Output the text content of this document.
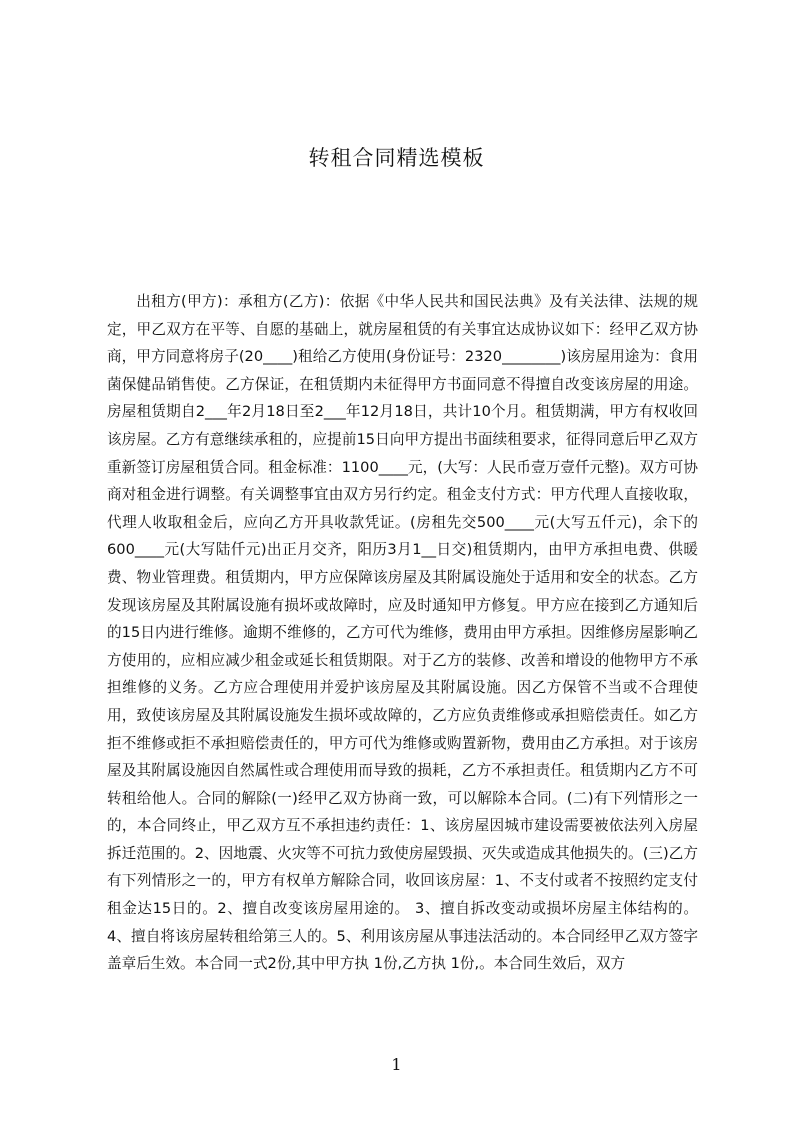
转租合同精选模板

出租方(甲方)：承租方(乙方)：依据《中华人民共和国民法典》及有关法律、法规的规定，甲乙双方在平等、自愿的基础上，就房屋租赁的有关事宜达成协议如下：经甲乙双方协商，甲方同意将房子(20____)租给乙方使用(身份证号：2320________)该房屋用途为：食用菌保健品销售使。乙方保证，在租赁期内未征得甲方书面同意不得擅自改变该房屋的用途。房屋租赁期自2___年2月18日至2___年12月18日，共计10个月。租赁期满，甲方有权收回该房屋。乙方有意继续承租的，应提前15日向甲方提出书面续租要求，征得同意后甲乙双方重新签订房屋租赁合同。租金标准：1100____元，(大写：人民币壹万壹仟元整)。双方可协商对租金进行调整。有关调整事宜由双方另行约定。租金支付方式：甲方代理人直接收取，代理人收取租金后，应向乙方开具收款凭证。(房租先交500____元(大写五仟元)，余下的600____元(大写陆仟元)出正月交齐，阳历3月1__日交)租赁期内，由甲方承担电费、供暖费、物业管理费。租赁期内，甲方应保障该房屋及其附属设施处于适用和安全的状态。乙方发现该房屋及其附属设施有损坏或故障时，应及时通知甲方修复。甲方应在接到乙方通知后的15日内进行维修。逾期不维修的，乙方可代为维修，费用由甲方承担。因维修房屋影响乙方使用的，应相应减少租金或延长租赁期限。对于乙方的装修、改善和增设的他物甲方不承担维修的义务。乙方应合理使用并爱护该房屋及其附属设施。因乙方保管不当或不合理使用，致使该房屋及其附属设施发生损坏或故障的，乙方应负责维修或承担赔偿责任。如乙方拒不维修或拒不承担赔偿责任的，甲方可代为维修或购置新物，费用由乙方承担。对于该房屋及其附属设施因自然属性或合理使用而导致的损耗，乙方不承担责任。租赁期内乙方不可转租给他人。合同的解除(一)经甲乙双方协商一致，可以解除本合同。(二)有下列情形之一的，本合同终止，甲乙双方互不承担违约责任：1、该房屋因城市建设需要被依法列入房屋拆迁范围的。2、因地震、火灾等不可抗力致使房屋毁损、灭失或造成其他损失的。(三)乙方有下列情形之一的，甲方有权单方解除合同，收回该房屋：1、不支付或者不按照约定支付租金达15日的。2、擅自改变该房屋用途的。 3、擅自拆改变动或损坏房屋主体结构的。 4、擅自将该房屋转租给第三人的。5、利用该房屋从事违法活动的。本合同经甲乙双方签字盖章后生效。本合同一式2份,其中甲方执 1份,乙方执 1份,。本合同生效后，双方

1
